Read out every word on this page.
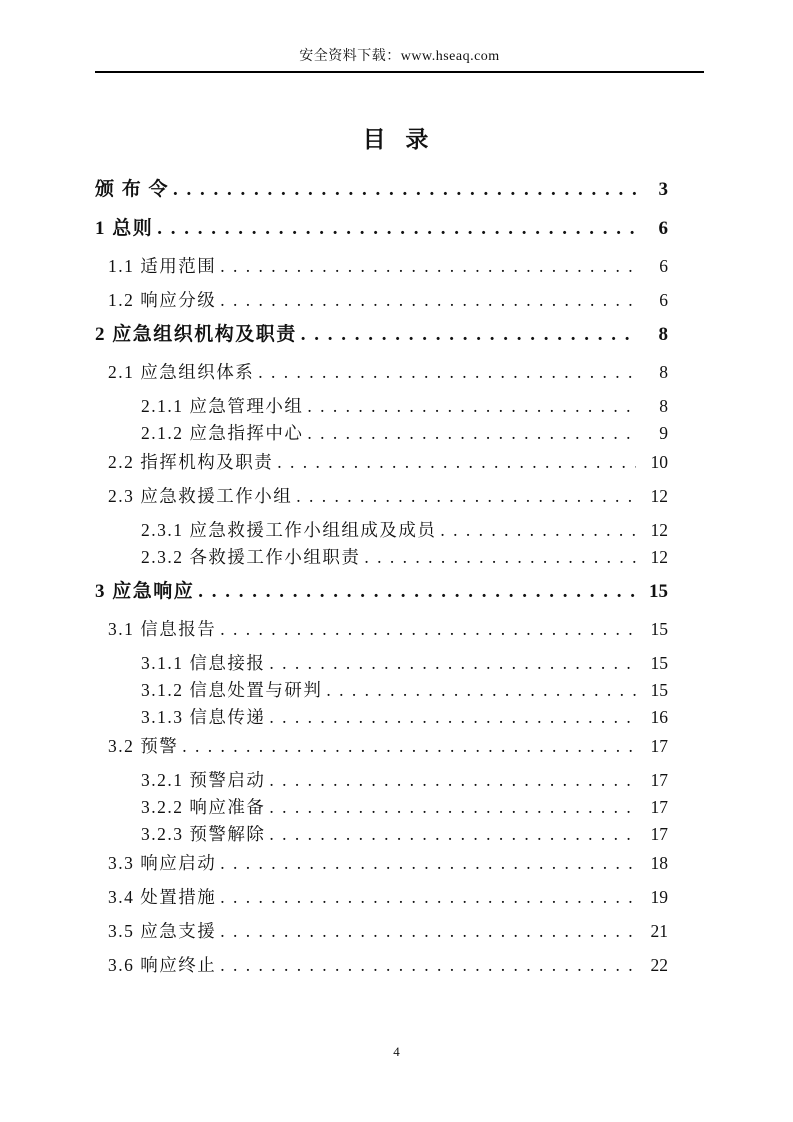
安全资料下载：www.hseaq.com
目 录
颁 布 令 . . .	3
1 总则 . . .	6
1.1 适用范围 . . .	6
1.2 响应分级 . . .	6
2 应急组织机构及职责 . . .	8
2.1 应急组织体系 . . .	8
2.1.1 应急管理小组 . . .	8
2.1.2 应急指挥中心 . . .	9
2.2 指挥机构及职责 . . .	10
2.3 应急救援工作小组 . . .	12
2.3.1 应急救援工作小组组成及成员 . . .	12
2.3.2 各救援工作小组职责 . . .	12
3 应急响应 . . .	15
3.1 信息报告 . . .	15
3.1.1 信息接报 . . .	15
3.1.2 信息处置与研判 . . .	15
3.1.3 信息传递 . . .	16
3.2 预警 . . .	17
3.2.1 预警启动 . . .	17
3.2.2 响应准备 . . .	17
3.2.3 预警解除 . . .	17
3.3 响应启动 . . .	18
3.4 处置措施 . . .	19
3.5 应急支援 . . .	21
3.6 响应终止 . . .	22
4
